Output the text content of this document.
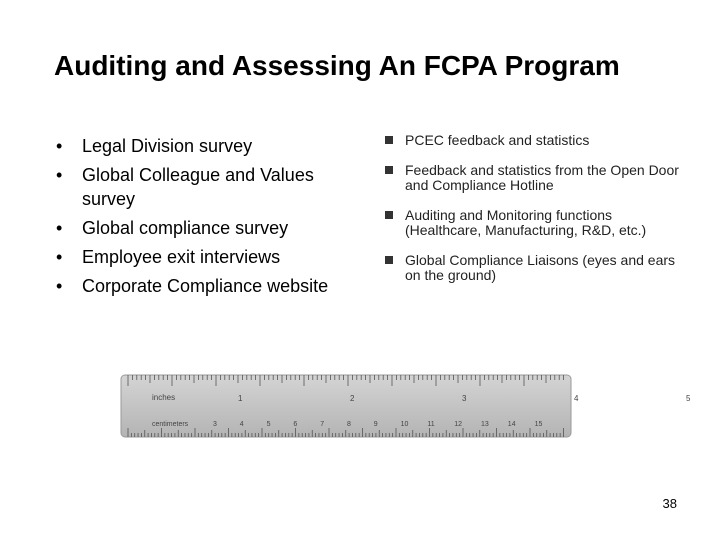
Auditing and Assessing An FCPA Program
• Legal Division survey
• Global Colleague and Values survey
• Global compliance survey
• Employee exit interviews
• Corporate Compliance website
PCEC feedback and statistics
Feedback and statistics from the Open Door and Compliance Hotline
Auditing and Monitoring functions (Healthcare, Manufacturing, R&D, etc.)
Global Compliance Liaisons (eyes and ears on the ground)
inches
centimeters
1	2	3	4	5
3	4	5	6	7	8	9	10	11	12	13	14	15
38
